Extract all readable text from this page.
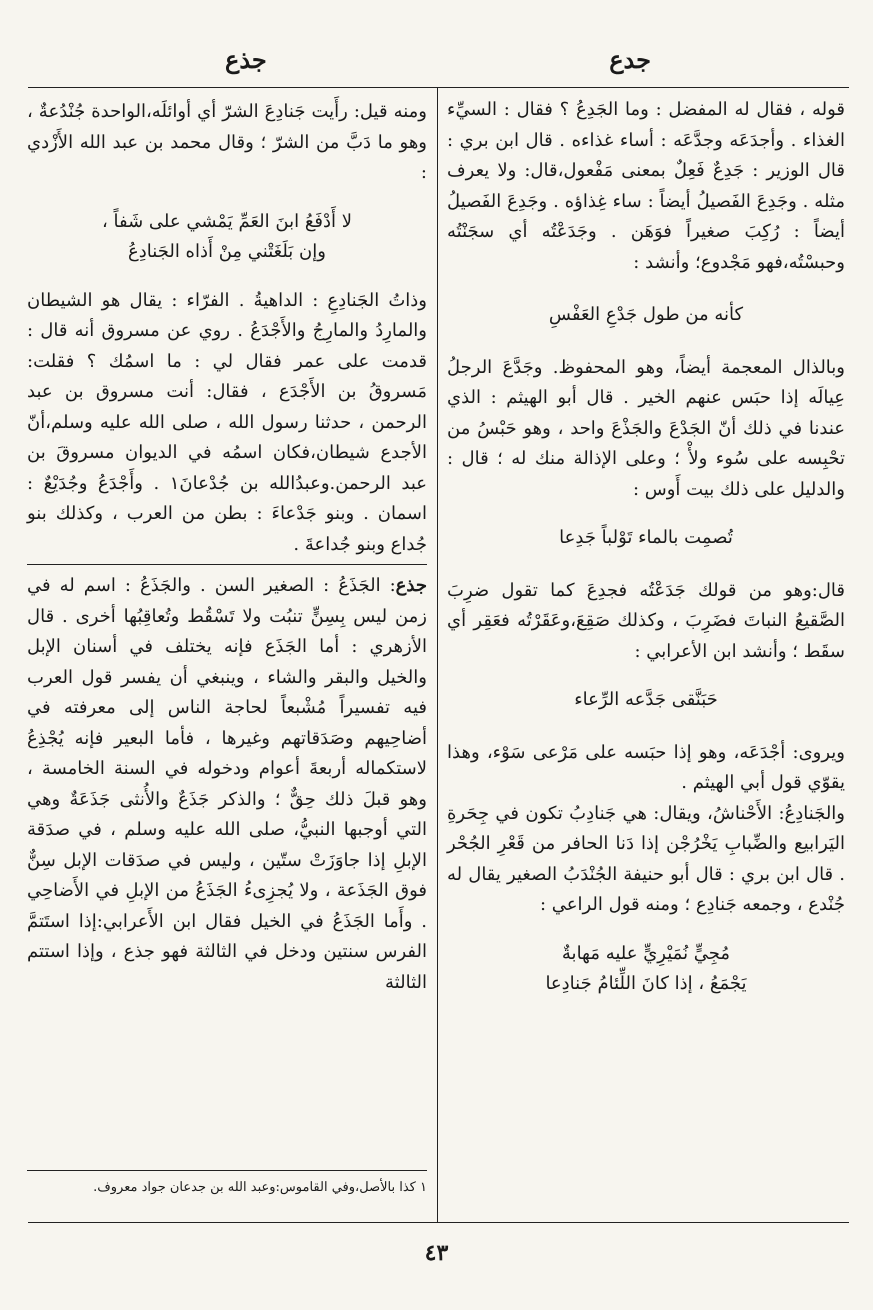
جذع	جدع

قوله ، فقال له المفضل : وما الجَدِعُ ؟ فقال : السيِّء الغذاء . وأجدَعَه وجدَّعَه : أساء غذاءه . قال ابن بري : قال الوزير : جَدِعٌ فَعِلٌ بمعنى مَفْعول،قال: ولا يعرف مثله . وجَدِعَ الفَصيلُ أيضاً : ساء غِذاؤه . وجَدِعَ الفَصيلُ أيضاً : رُكِبَ صغيراً فوَهَن . وجَدَعْتُه أي سجَنْتُه وحبسْتُه،فهو مَجْدوع؛ وأنشد :

كأنه من طول جَدْعِ العَفْسِ

وبالذال المعجمة أيضاً، وهو المحفوظ. وجَدَّعَ الرجلُ عِيالَه إذا حبَس عنهم الخير . قال أبو الهيثم : الذي عندنا في ذلك أنّ الجَدْعَ والجَذْعَ واحد ، وهو حَبْسُ من تحْبِسه على سُوء ولأْ ؛ وعلى الإذالة منك له ؛ قال : والدليل على ذلك بيت أَوس :

تُصمِت بالماء تَوْلباً جَدِعا

قال:وهو من قولك جَدَعْتُه فجدِعَ كما تقول ضرِبَ الصَّقيعُ النباتَ فضَرِبَ ، وكذلك صَقِعَ،وعَقَرْتُه فعَقِر أي سقَط ؛ وأنشد ابن الأعرابي :

حَبَنَّقى جَدَّعه الرِّعاء

ويروى: أجْدَعَه، وهو إذا حبَسه على مَرْعى سَوْء، وهذا يقوّي قول أبي الهيثم .

والجَنادِعُ: الأَحْناشُ، ويقال: هي جَنادِبُ تكون في جِحَرةِ اليَرابيع والضِّبابِ يَخْرُجْن إذا دَنا الحافر من قَعْرِ الجُحْر . قال ابن بري : قال أبو حنيفة الجُنْدَبُ الصغير يقال له جُنْدع ، وجمعه جَنادِع ؛ ومنه قول الراعي :

مُجِيٍّ نُمَيْرِيٍّ عليه مَهابةٌ

يَجْمَعُ ، إذا كانَ اللِّئامُ جَنادِعا

ومنه قيل: رأَيت جَنادِعَ الشرّ أي أوائلَه،الواحدة جُنْدُعةٌ ، وهو ما دَبَّ من الشرّ ؛ وقال محمد بن عبد الله الأَزْدي :

لا أَدْفَعُ ابنَ العَمِّ يَمْشي على شَفاً ،

وإن بَلَغَتْني مِنْ أَذاه الجَنادِعُ

وذاتُ الجَنادِعِ : الداهيةُ . الفرّاء : يقال هو الشيطان والمارِدُ والمارِجُ والأَجْدَعُ . روي عن مسروق أنه قال : قدمت على عمر فقال لي : ما اسمُك ؟ فقلت: مَسروقُ بن الأَجْدَع ، فقال: أنت مسروق بن عبد الرحمن ، حدثنا رسول الله ، صلى الله عليه وسلم،أنّ الأجدع شيطان،فكان اسمُه في الديوان مسروقَ بن عبد الرحمن.وعبدُالله بن جُدْعانَ١ . وأَجْدَعُ وجُدَيْعٌ : اسمان . وبنو جَدْعاءَ : بطن من العرب ، وكذلك بنو جُداع وبنو جُداعةَ .

جذع: الجَذَعُ : الصغير السن . والجَذَعُ : اسم له في زمن ليس بِسِنٍّ تنبُت ولا تَسْقُط وتُعاقِبُها أخرى . قال الأزهري : أما الجَذَع فإنه يختلف في أسنان الإبل والخيل والبقر والشاء ، وينبغي أن يفسر قول العرب فيه تفسيراً مُشْبعاً لحاجة الناس إلى معرفته في أضاحِيهم وصَدَقاتهم وغيرها ، فأما البعير فإنه يُجْذِعُ لاستكماله أربعةَ أعوام ودخوله في السنة الخامسة ، وهو قبلَ ذلك حِقٌّ ؛ والذكر جَذَعٌ والأُنثى جَذَعَةٌ وهي التي أوجبها النبيُّ، صلى الله عليه وسلم ، في صدَقة الإبلِ إذا جاوَزَتْ ستّين ، وليس في صدَقات الإبل سِنٌّ فوق الجَذَعة ، ولا يُجزِىءُ الجَذَعُ من الإبلِ في الأَضاحِي . وأَما الجَذَعُ في الخيل فقال ابن الأَعرابي:إذا استَتمَّ الفرس سنتين ودخل في الثالثة فهو جذع ، وإذا استتم الثالثة

١ كذا بالأصل،وفي القاموس:وعبد الله بن جدعان جواد معروف.
٤٣
